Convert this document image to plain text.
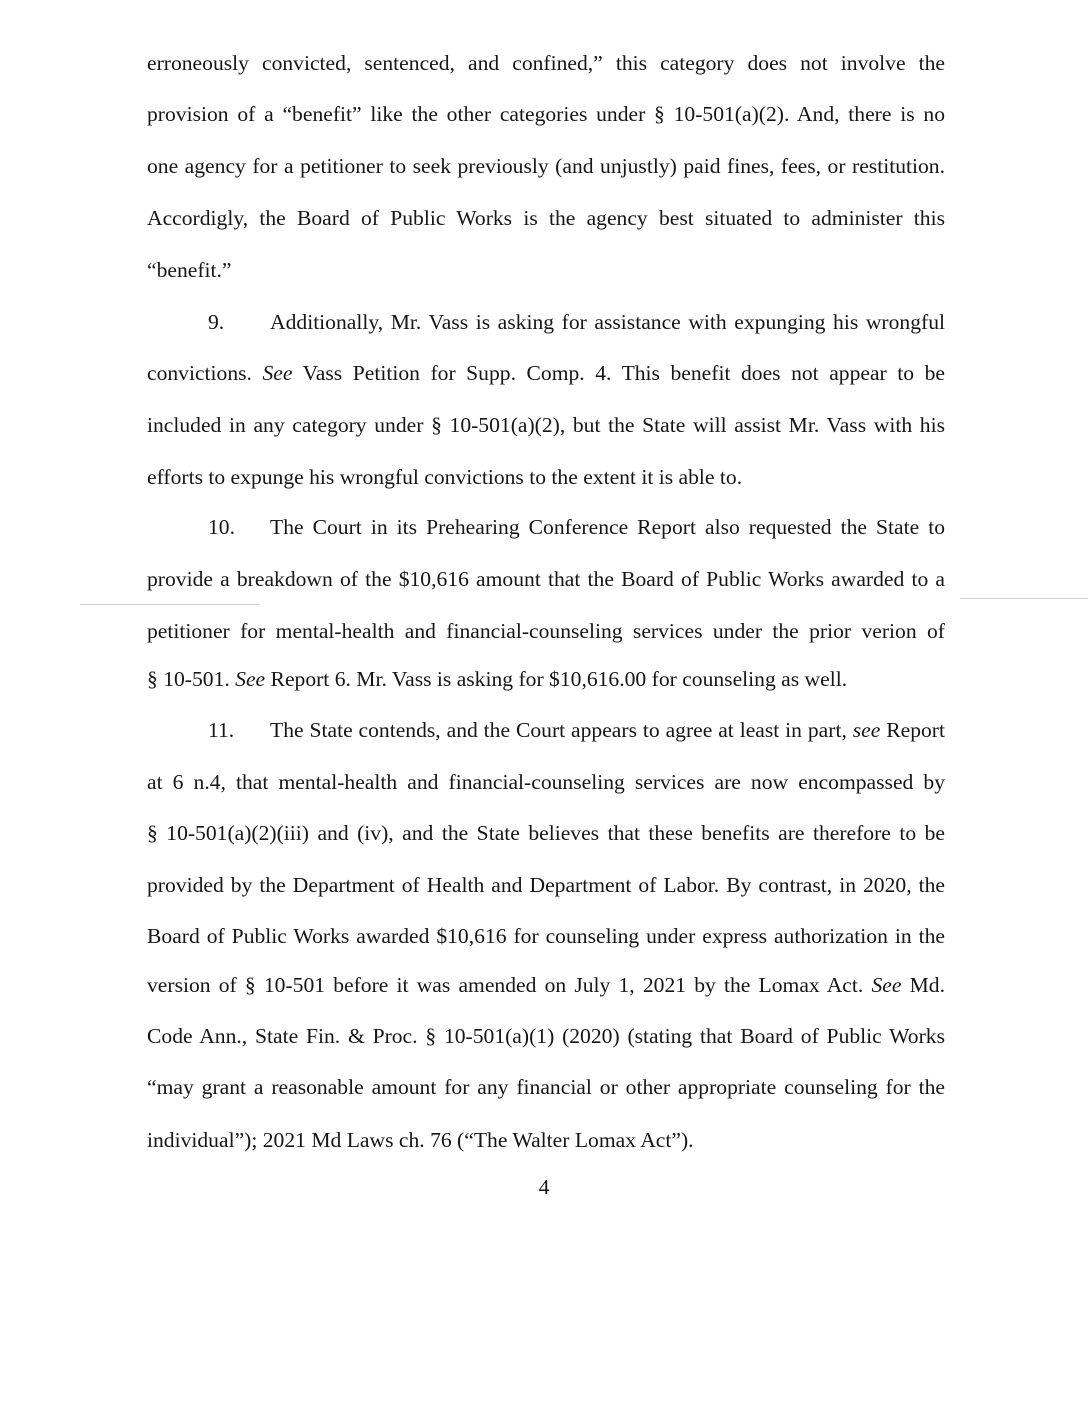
erroneously convicted, sentenced, and confined,” this category does not involve the

provision of a “benefit” like the other categories under § 10-501(a)(2). And, there is no

one agency for a petitioner to seek previously (and unjustly) paid fines, fees, or restitution.

Accordigly, the Board of Public Works is the agency best situated to administer this

“benefit.”

9. Additionally, Mr. Vass is asking for assistance with expunging his wrongful

convictions. See Vass Petition for Supp. Comp. 4. This benefit does not appear to be

included in any category under § 10-501(a)(2), but the State will assist Mr. Vass with his

efforts to expunge his wrongful convictions to the extent it is able to.

10. The Court in its Prehearing Conference Report also requested the State to

provide a breakdown of the $10,616 amount that the Board of Public Works awarded to a

petitioner for mental-health and financial-counseling services under the prior verion of

§ 10-501. See Report 6. Mr. Vass is asking for $10,616.00 for counseling as well.

11. The State contends, and the Court appears to agree at least in part, see Report

at 6 n.4, that mental-health and financial-counseling services are now encompassed by

§ 10-501(a)(2)(iii) and (iv), and the State believes that these benefits are therefore to be

provided by the Department of Health and Department of Labor. By contrast, in 2020, the

Board of Public Works awarded $10,616 for counseling under express authorization in the

version of § 10-501 before it was amended on July 1, 2021 by the Lomax Act. See Md.

Code Ann., State Fin. & Proc. § 10-501(a)(1) (2020) (stating that Board of Public Works

“may grant a reasonable amount for any financial or other appropriate counseling for the

individual”); 2021 Md Laws ch. 76 (“The Walter Lomax Act”).

4
